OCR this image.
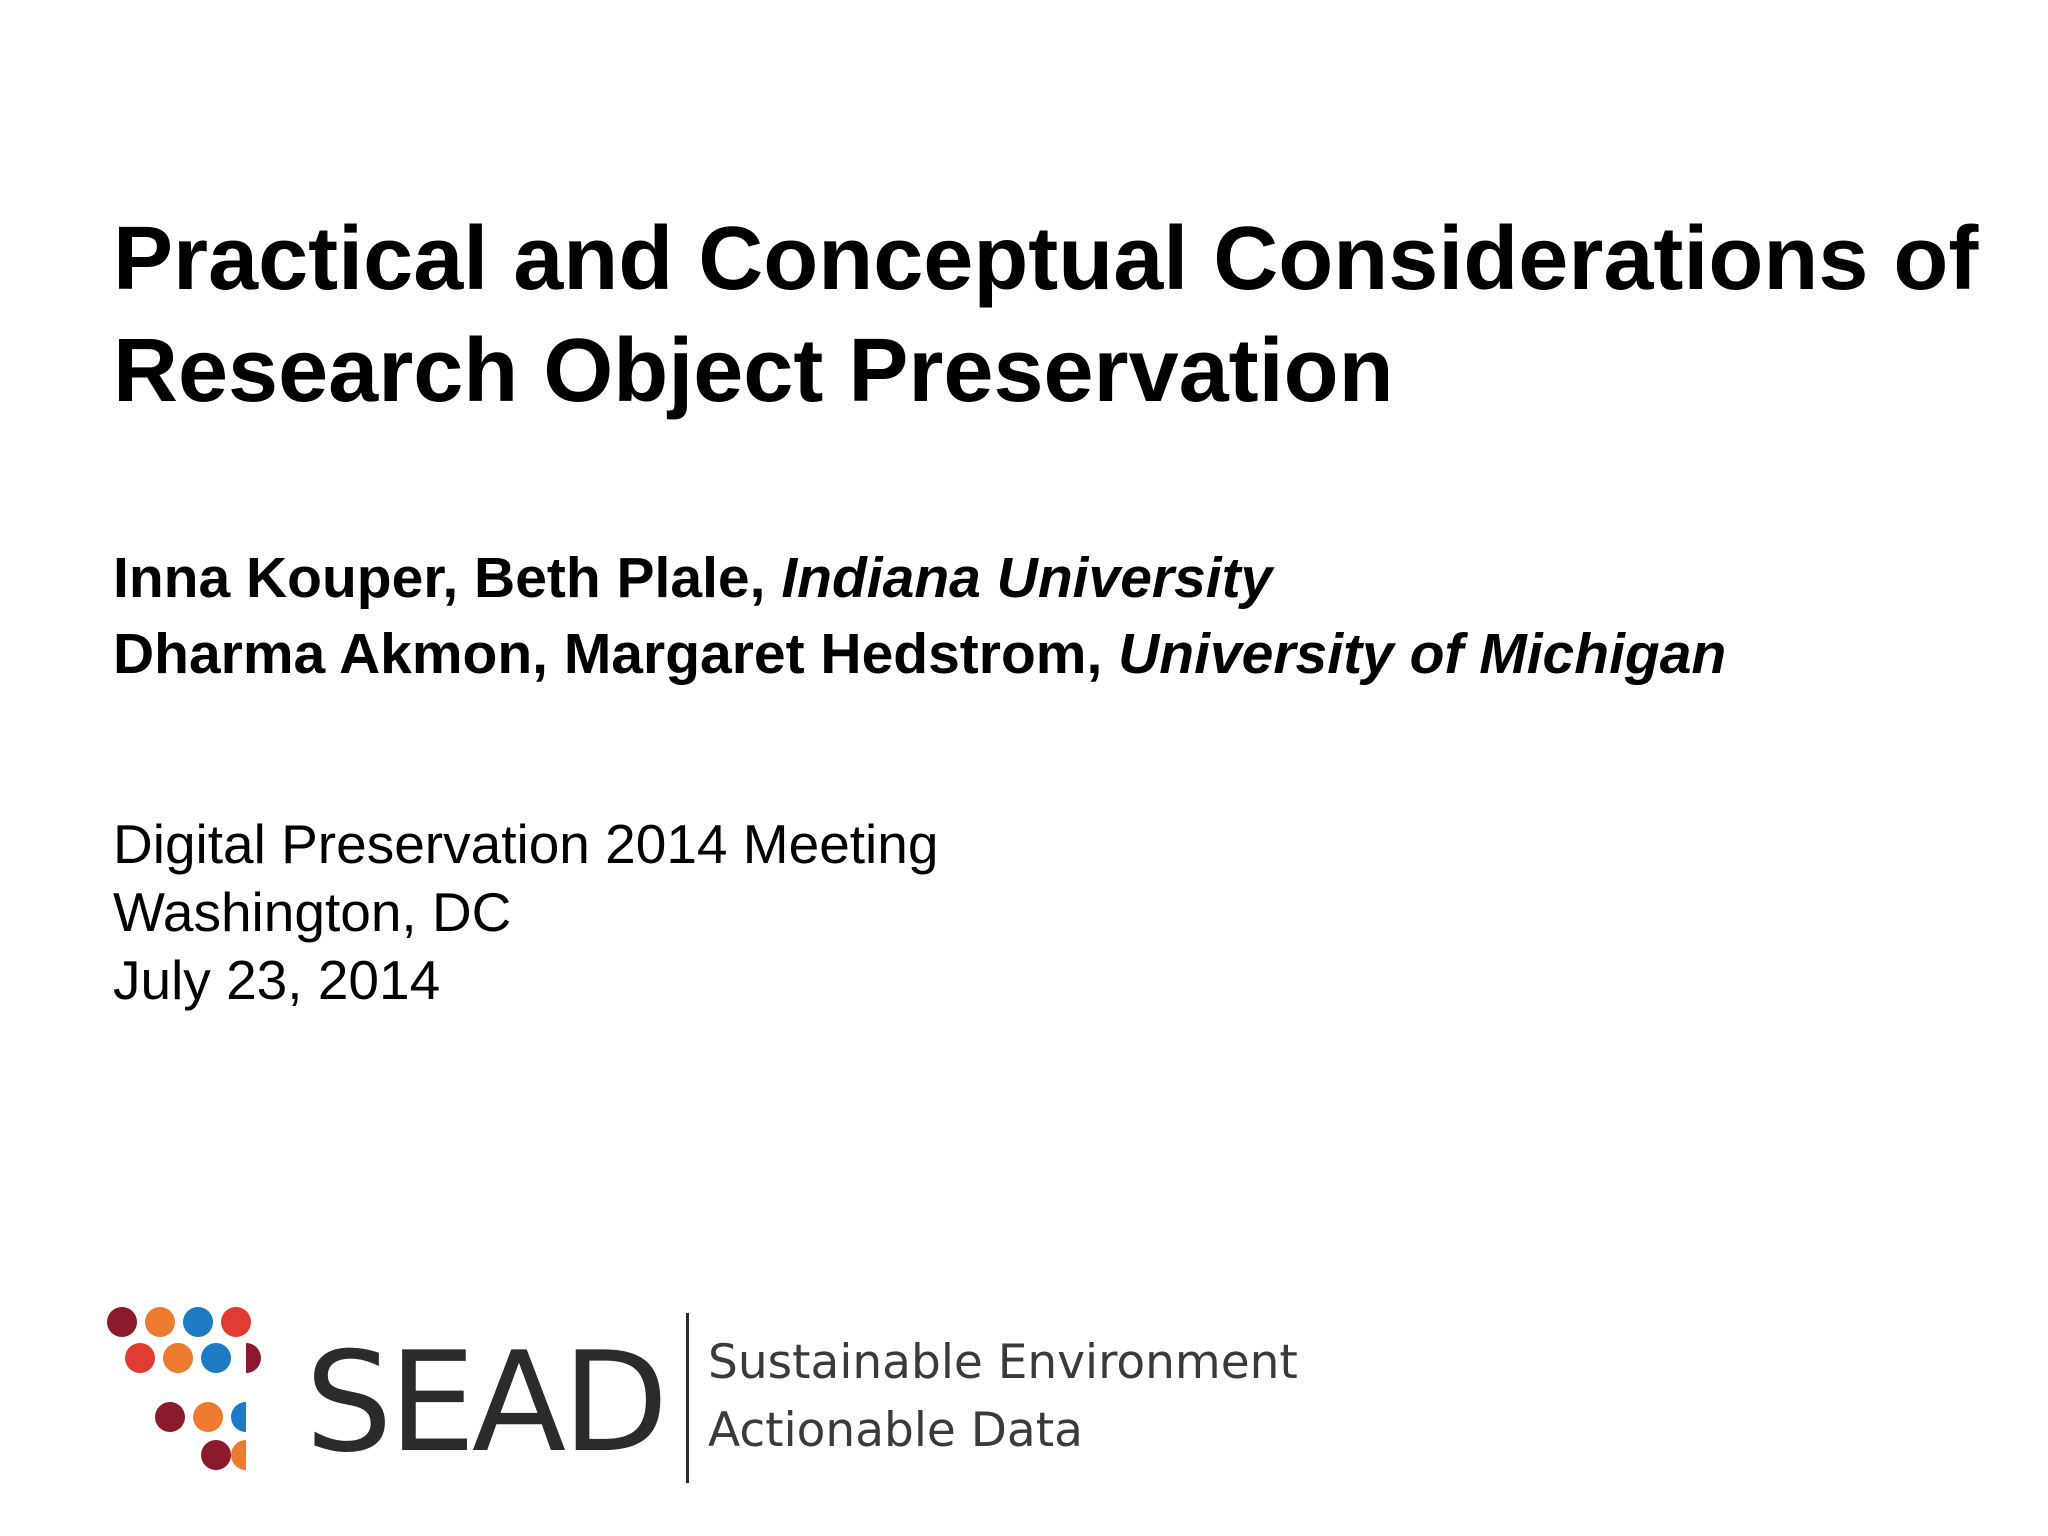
Practical and Conceptual Considerations of
Research Object Preservation
Inna Kouper, Beth Plale, Indiana University
Dharma Akmon, Margaret Hedstrom, University of Michigan
Digital Preservation 2014 Meeting
Washington, DC
July 23, 2014
SEAD Sustainable Environment
Actionable Data
